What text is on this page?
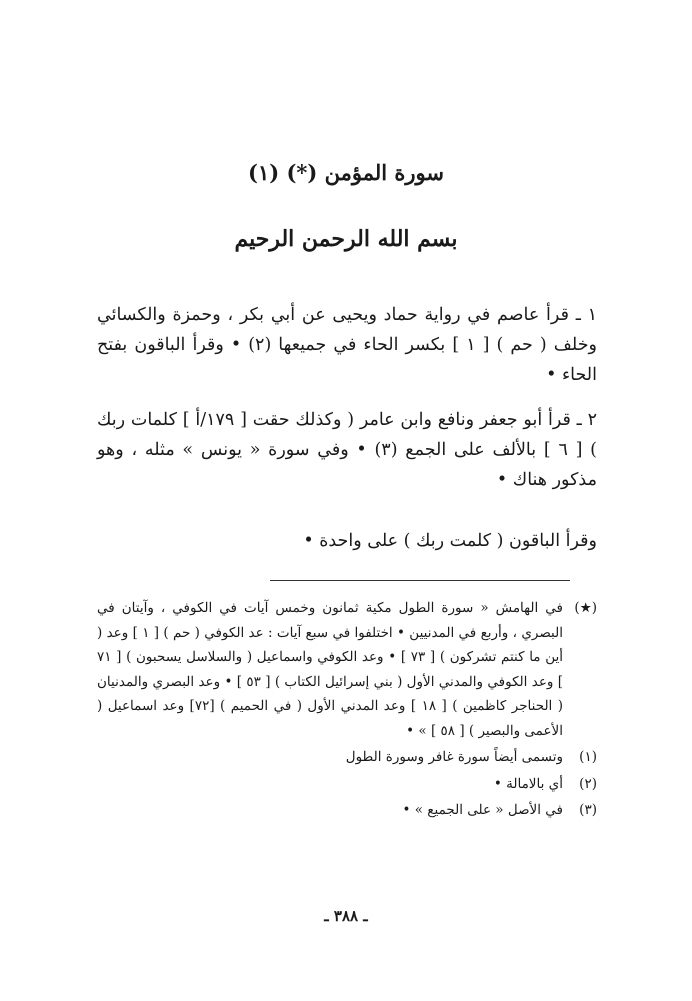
سورة المؤمن (*) (١)
بسم الله الرحمن الرحيم
١ ـ قرأ عاصم في رواية حماد ويحيى عن أبي بكر ، وحمزة والكسائي وخلف ( حم ) [ ١ ] بكسر الحاء في جميعها (٢) • وقرأ الباقون بفتح الحاء •
٢ ـ قرأ أبو جعفر ونافع وابن عامر ( وكذلك حقت [ ١٧٩/أ ] كلمات ربك ) [ ٦ ] بالألف على الجمع (٣) • وفي سورة « يونس » مثله ، وهو مذكور هناك •
وقرأ الباقون ( كلمت ربك ) على واحدة •
(★)
في الهامش « سورة الطول مكية ثمانون وخمس آيات في الكوفي ، وآيتان في البصري ، وأربع في المدنيين • اختلفوا في سبع آيات : عد الكوفي ( حم ) [ ١ ] وعد ( أين ما كنتم تشركون ) [ ٧٣ ] • وعد الكوفي واسماعيل ( والسلاسل يسحبون ) [ ٧١ ] وعد الكوفي والمدني الأول ( بني إسرائيل الكتاب ) [ ٥٣ ] • وعد البصري والمدنيان ( الحناجر كاظمين ) [ ١٨ ] وعد المدني الأول ( في الحميم ) [٧٢] وعد اسماعيل ( الأعمى والبصير ) [ ٥٨ ] » •
(١)
وتسمى أيضاً سورة غافر وسورة الطول
(٢)
أي بالامالة •
(٣)
في الأصل « على الجميع » •
ـ ٣٨٨ ـ
